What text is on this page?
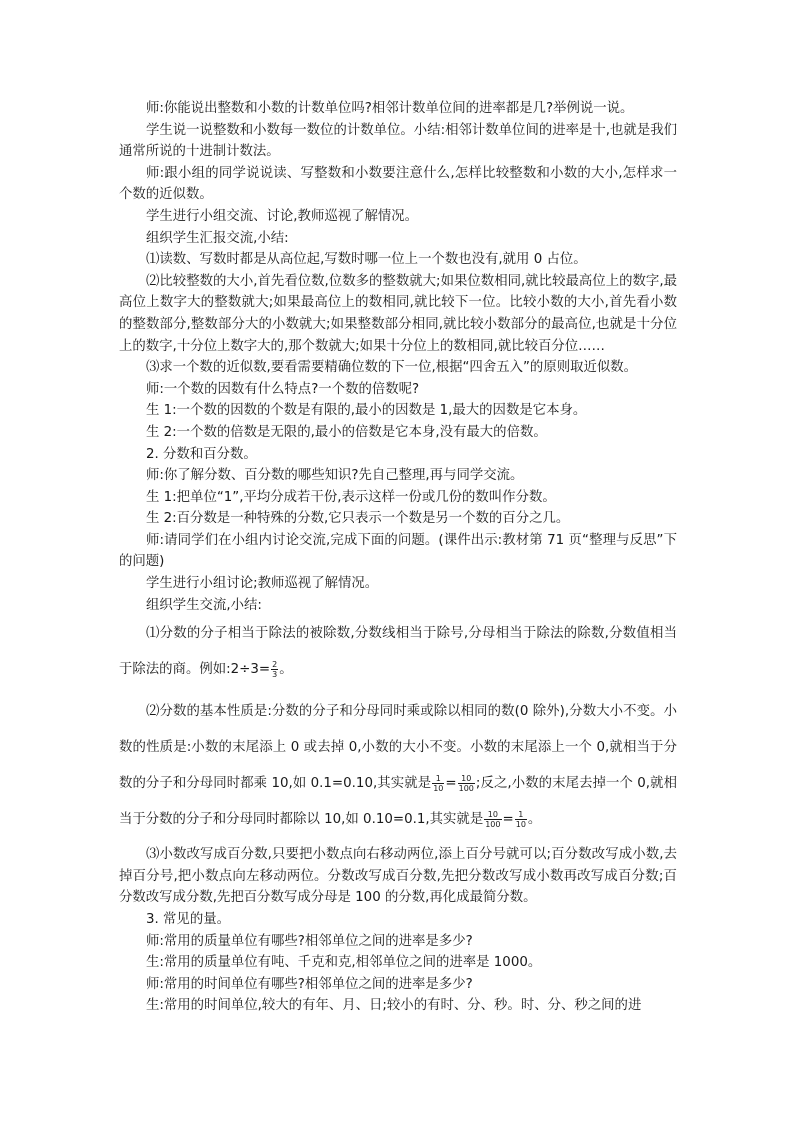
师:你能说出整数和小数的计数单位吗?相邻计数单位间的进率都是几?举例说一说。

学生说一说整数和小数每一数位的计数单位。小结:相邻计数单位间的进率是十,也就是我们通常所说的十进制计数法。

师:跟小组的同学说说读、写整数和小数要注意什么,怎样比较整数和小数的大小,怎样求一个数的近似数。

学生进行小组交流、讨论,教师巡视了解情况。

组织学生汇报交流,小结:

⑴读数、写数时都是从高位起,写数时哪一位上一个数也没有,就用 0 占位。

⑵比较整数的大小,首先看位数,位数多的整数就大;如果位数相同,就比较最高位上的数字,最高位上数字大的整数就大;如果最高位上的数相同,就比较下一位。比较小数的大小,首先看小数的整数部分,整数部分大的小数就大;如果整数部分相同,就比较小数部分的最高位,也就是十分位上的数字,十分位上数字大的,那个数就大;如果十分位上的数相同,就比较百分位……

⑶求一个数的近似数,要看需要精确位数的下一位,根据“四舍五入”的原则取近似数。

师:一个数的因数有什么特点?一个数的倍数呢?

生 1:一个数的因数的个数是有限的,最小的因数是 1,最大的因数是它本身。

生 2:一个数的倍数是无限的,最小的倍数是它本身,没有最大的倍数。

2. 分数和百分数。

师:你了解分数、百分数的哪些知识?先自己整理,再与同学交流。

生 1:把单位“1”,平均分成若干份,表示这样一份或几份的数叫作分数。

生 2:百分数是一种特殊的分数,它只表示一个数是另一个数的百分之几。

师:请同学们在小组内讨论交流,完成下面的问题。(课件出示:教材第 71 页“整理与反思”下的问题)

学生进行小组讨论;教师巡视了解情况。

组织学生交流,小结:

⑴分数的分子相当于除法的被除数,分数线相当于除号,分母相当于除法的除数,分数值相当于除法的商。例如:2÷3= $\frac{2}{3}$ 。

⑵分数的基本性质是:分数的分子和分母同时乘或除以相同的数(0 除外),分数大小不变。小数的性质是:小数的末尾添上 0 或去掉 0,小数的大小不变。小数的末尾添上一个 0,就相当于分数的分子和分母同时都乘 10,如 0.1=0.10,其实就是 $\frac{1}{10} = \frac{10}{100}$ ;反之,小数的末尾去掉一个 0,就相当于分数的分子和分母同时都除以 10,如 0.10=0.1,其实就是 $\frac{10}{100} = \frac{1}{10}$ 。

⑶小数改写成百分数,只要把小数点向右移动两位,添上百分号就可以;百分数改写成小数,去掉百分号,把小数点向左移动两位。分数改写成百分数,先把分数改写成小数再改写成百分数;百分数改写成分数,先把百分数写成分母是 100 的分数,再化成最简分数。

3. 常见的量。

师:常用的质量单位有哪些?相邻单位之间的进率是多少?

生:常用的质量单位有吨、千克和克,相邻单位之间的进率是 1000。

师:常用的时间单位有哪些?相邻单位之间的进率是多少?

生:常用的时间单位,较大的有年、月、日;较小的有时、分、秒。时、分、秒之间的进
